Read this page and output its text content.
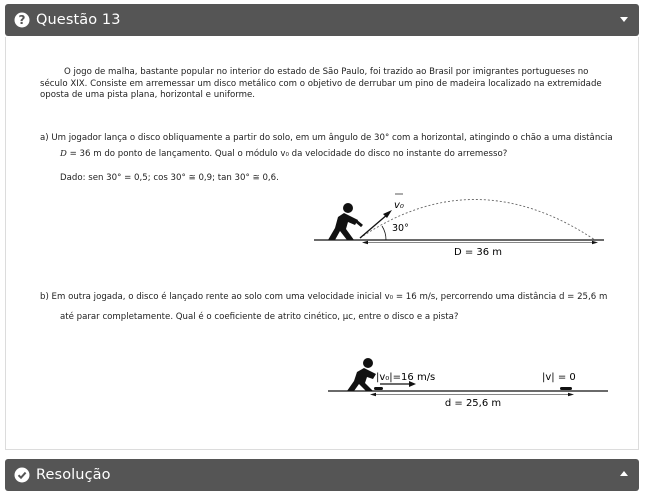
? Questão 13
O jogo de malha, bastante popular no interior do estado de São Paulo, foi trazido ao Brasil por imigrantes portugueses no século XIX. Consiste em arremessar um disco metálico com o objetivo de derrubar um pino de madeira localizado na extremidade oposta de uma pista plana, horizontal e uniforme.
a) Um jogador lança o disco obliquamente a partir do solo, em um ângulo de 30° com a horizontal, atingindo o chão a uma distância
D = 36 m do ponto de lançamento. Qual o módulo v₀ da velocidade do disco no instante do arremesso?
Dado: sen 30° = 0,5; cos 30° ≅ 0,9; tan 30° ≅ 0,6.
v₀
30°
D = 36 m
b) Em outra jogada, o disco é lançado rente ao solo com uma velocidade inicial v₀ = 16 m/s, percorrendo uma distância d = 25,6 m
até parar completamente. Qual é o coeficiente de atrito cinético, μc, entre o disco e a pista?
|v₀|=16 m/s	|v| = 0
d = 25,6 m
Resolução
